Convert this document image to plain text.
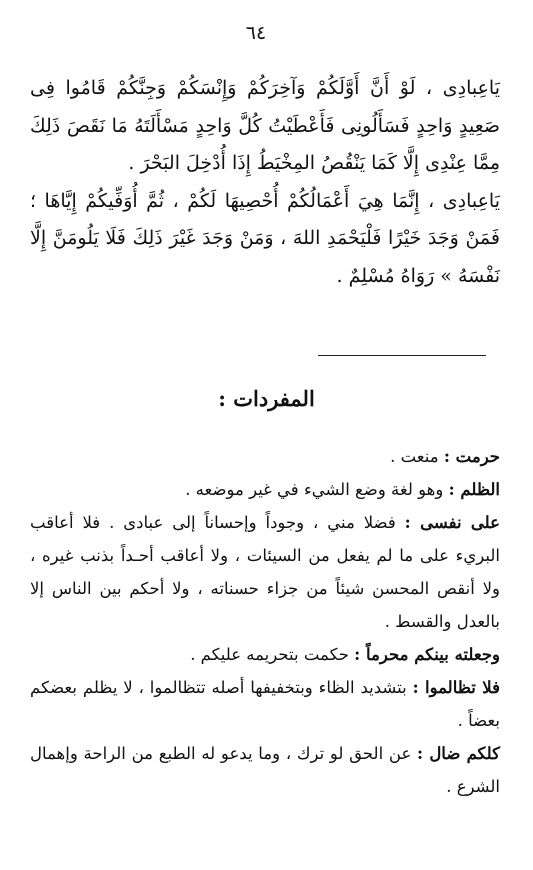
٦٤

يَاعِبادِى ، لَوْ أَنَّ أَوَّلَكُمْ وَآخِرَكُمْ وَإِنْسَكُمْ وَجِنَّكُمْ قَامُوا فِى صَعِيدٍ وَاحِدٍ فَسَأَلُونِى فَأَعْطَيْتُ كُلَّ وَاحِدٍ مَسْأَلَتَهُ مَا نَقَصَ ذَلِكَ مِمَّا عِنْدِى إِلَّا كَمَا يَنْقُصُ المِخْيَطُ إِذَا أُدْخِلَ البَحْرَ .

يَاعِبادِى ، إِنَّمَا هِيَ أَعْمَالُكُمْ أُحْصِيهَا لَكُمْ ، ثُمَّ أُوَفِّيكُمْ إِيَّاهَا ؛ فَمَنْ وَجَدَ خَيْرًا فَلْيَحْمَدِ اللهَ ، وَمَنْ وَجَدَ غَيْرَ ذَلِكَ فَلَا يَلُومَنَّ إِلَّا نَفْسَهُ » رَوَاهُ مُسْلِمٌ .

المفردات :

حرمت : منعت .

الظلم : وهو لغة وضع الشيء في غير موضعه .

على نفسى : فضلا مني ، وجوداً وإحساناً إلى عبادى . فلا أعاقب البريء على ما لم يفعل من السيئات ، ولا أعاقب أحـداً بذنب غيره ، ولا أنقص المحسن شيئاً من جزاء حسناته ، ولا أحكم بين الناس إلا بالعدل والقسط .

وجعلته بينكم محرماً : حكمت بتحريمه عليكم .

فلا تظالموا : بتشديد الظاء وبتخفيفها أصله تتظالموا ، لا يظلم بعضكم بعضاً .

كلكم ضال : عن الحق لو ترك ، وما يدعو له الطبع من الراحة وإهمال الشرع .
